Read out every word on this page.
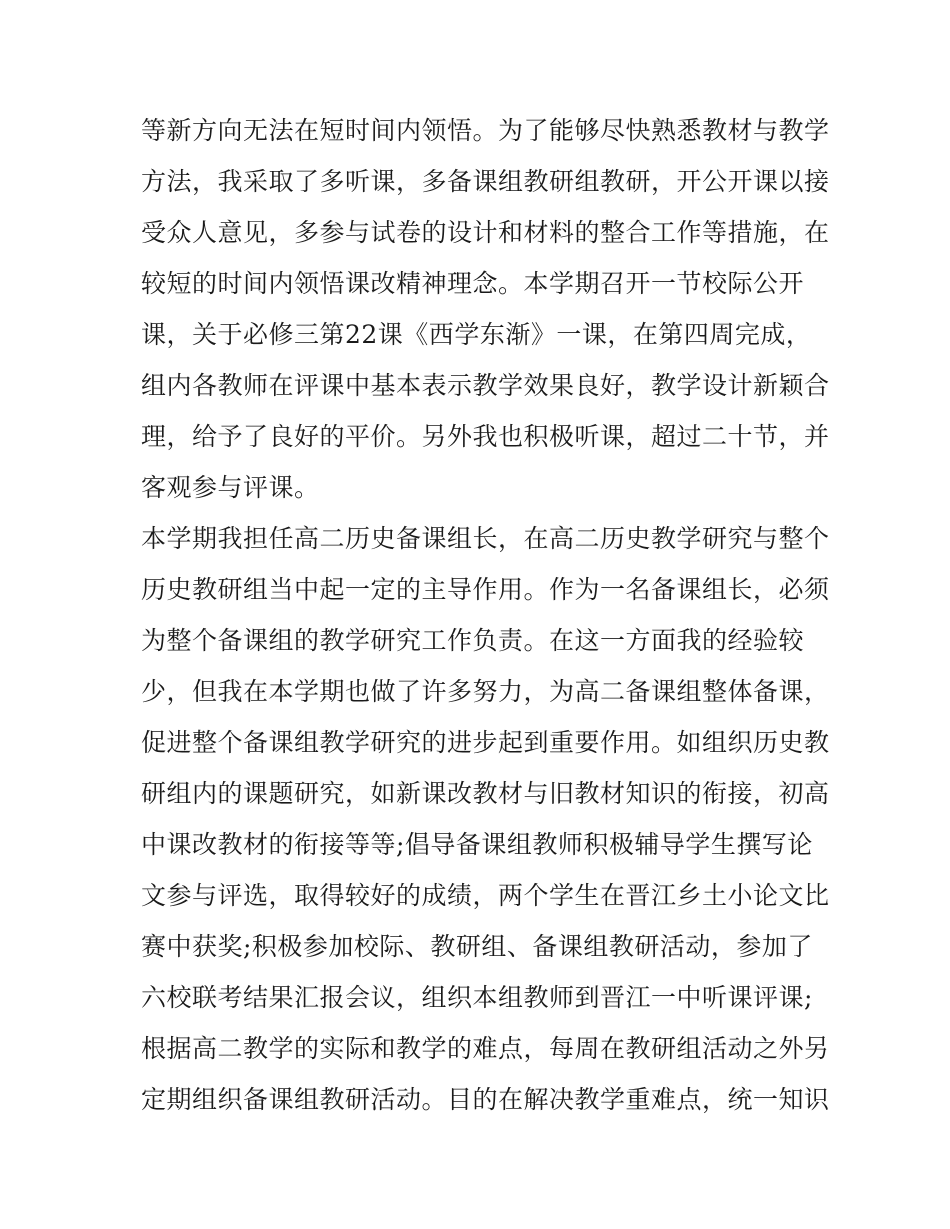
等新方向无法在短时间内领悟。为了能够尽快熟悉教材与教学
方法，我采取了多听课，多备课组教研组教研，开公开课以接
受众人意见，多参与试卷的设计和材料的整合工作等措施，在
较短的时间内领悟课改精神理念。本学期召开一节校际公开
课，关于必修三第22课《西学东渐》一课，在第四周完成，
组内各教师在评课中基本表示教学效果良好，教学设计新颖合
理，给予了良好的平价。另外我也积极听课，超过二十节，并
客观参与评课。
本学期我担任高二历史备课组长，在高二历史教学研究与整个
历史教研组当中起一定的主导作用。作为一名备课组长，必须
为整个备课组的教学研究工作负责。在这一方面我的经验较
少，但我在本学期也做了许多努力，为高二备课组整体备课，
促进整个备课组教学研究的进步起到重要作用。如组织历史教
研组内的课题研究，如新课改教材与旧教材知识的衔接，初高
中课改教材的衔接等等;倡导备课组教师积极辅导学生撰写论
文参与评选，取得较好的成绩，两个学生在晋江乡土小论文比
赛中获奖;积极参加校际、教研组、备课组教研活动，参加了
六校联考结果汇报会议，组织本组教师到晋江一中听课评课;
根据高二教学的实际和教学的难点，每周在教研组活动之外另
定期组织备课组教研活动。目的在解决教学重难点，统一知识
